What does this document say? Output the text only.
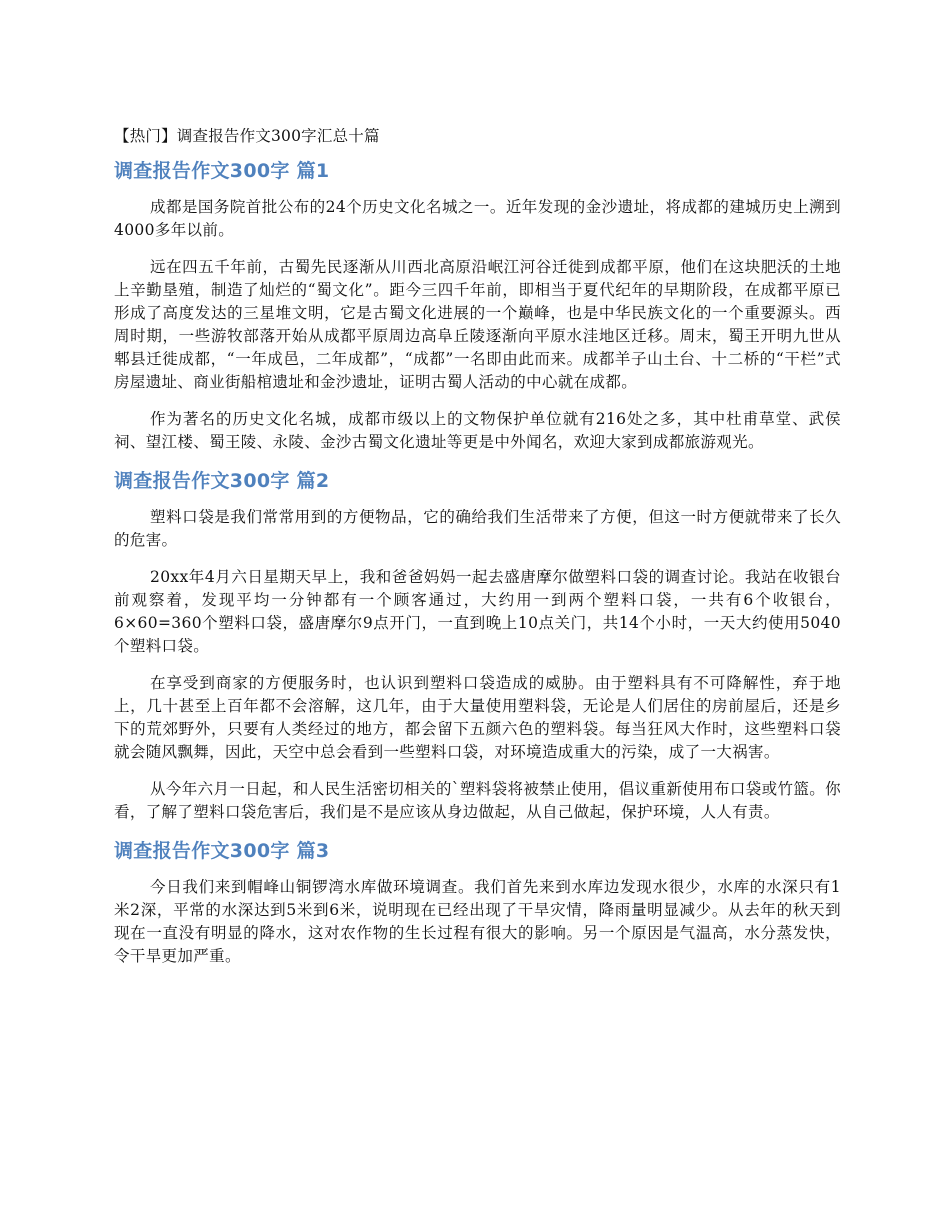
【热门】调查报告作文300字汇总十篇
调查报告作文300字 篇1

成都是国务院首批公布的24个历史文化名城之一。近年发现的金沙遗址，将成都的建城历史上溯到4000多年以前。

远在四五千年前，古蜀先民逐渐从川西北高原沿岷江河谷迁徙到成都平原，他们在这块肥沃的土地上辛勤垦殖，制造了灿烂的“蜀文化”。距今三四千年前，即相当于夏代纪年的早期阶段，在成都平原已形成了高度发达的三星堆文明，它是古蜀文化进展的一个巅峰，也是中华民族文化的一个重要源头。西周时期，一些游牧部落开始从成都平原周边高阜丘陵逐渐向平原水洼地区迁移。周末，蜀王开明九世从郫县迁徙成都，“一年成邑，二年成都”，“成都”一名即由此而来。成都羊子山土台、十二桥的“干栏”式房屋遗址、商业街船棺遗址和金沙遗址，证明古蜀人活动的中心就在成都。

作为著名的历史文化名城，成都市级以上的文物保护单位就有216处之多，其中杜甫草堂、武侯祠、望江楼、蜀王陵、永陵、金沙古蜀文化遗址等更是中外闻名，欢迎大家到成都旅游观光。

调查报告作文300字 篇2

塑料口袋是我们常常用到的方便物品，它的确给我们生活带来了方便，但这一时方便就带来了长久的危害。

20xx年4月六日星期天早上，我和爸爸妈妈一起去盛唐摩尔做塑料口袋的调查讨论。我站在收银台前观察着，发现平均一分钟都有一个顾客通过，大约用一到两个塑料口袋，一共有6个收银台，6×60=360个塑料口袋，盛唐摩尔9点开门，一直到晚上10点关门，共14个小时，一天大约使用5040个塑料口袋。

在享受到商家的方便服务时，也认识到塑料口袋造成的威胁。由于塑料具有不可降解性，弃于地上，几十甚至上百年都不会溶解，这几年，由于大量使用塑料袋，无论是人们居住的房前屋后，还是乡下的荒郊野外，只要有人类经过的地方，都会留下五颜六色的塑料袋。每当狂风大作时，这些塑料口袋就会随风飘舞，因此，天空中总会看到一些塑料口袋，对环境造成重大的污染，成了一大祸害。

从今年六月一日起，和人民生活密切相关的`塑料袋将被禁止使用，倡议重新使用布口袋或竹篮。你看，了解了塑料口袋危害后，我们是不是应该从身边做起，从自己做起，保护环境，人人有责。

调查报告作文300字 篇3

今日我们来到帽峰山铜锣湾水库做环境调查。我们首先来到水库边发现水很少，水库的水深只有1米2深，平常的水深达到5米到6米，说明现在已经出现了干旱灾情，降雨量明显减少。从去年的秋天到现在一直没有明显的降水，这对农作物的生长过程有很大的影响。另一个原因是气温高，水分蒸发快，令干旱更加严重。
